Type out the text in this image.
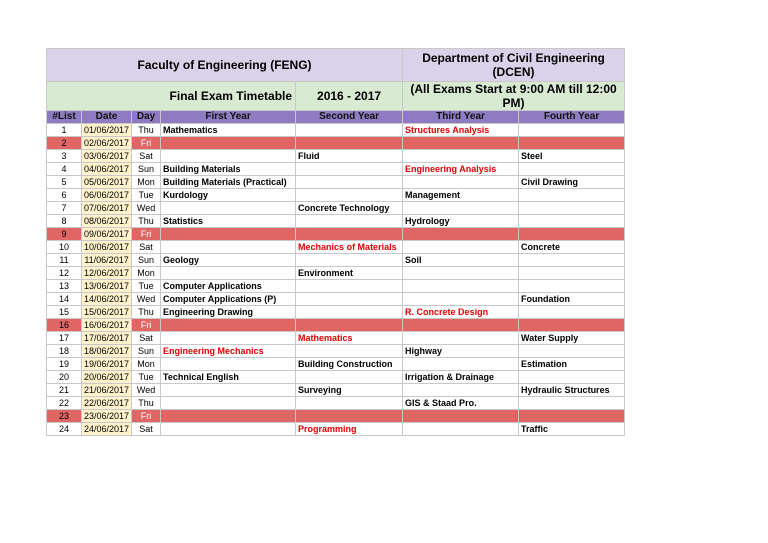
Faculty of Engineering (FENG)					Department of Civil Engineering (DCEN)	
Final Exam Timetable				2016 - 2017	(All Exams Start at 9:00 AM till 12:00 PM)	
#List	Date	Day	First Year	Second Year	Third Year	Fourth Year
1	01/06/2017	Thu	Mathematics		Structures Analysis	
2	02/06/2017	Fri				
3	03/06/2017	Sat		Fluid		Steel
4	04/06/2017	Sun	Building Materials		Engineering Analysis	
5	05/06/2017	Mon	Building Materials (Practical)			Civil Drawing
6	06/06/2017	Tue	Kurdology		Management	
7	07/06/2017	Wed		Concrete Technology		
8	08/06/2017	Thu	Statistics		Hydrology	
9	09/06/2017	Fri				
10	10/06/2017	Sat		Mechanics of Materials		Concrete
11	11/06/2017	Sun	Geology		Soil	
12	12/06/2017	Mon		Environment		
13	13/06/2017	Tue	Computer Applications			
14	14/06/2017	Wed	Computer Applications (P)			Foundation
15	15/06/2017	Thu	Engineering Drawing		R. Concrete Design	
16	16/06/2017	Fri				
17	17/06/2017	Sat		Mathematics		Water Supply
18	18/06/2017	Sun	Engineering Mechanics		Highway	
19	19/06/2017	Mon		Building Construction		Estimation
20	20/06/2017	Tue	Technical English		Irrigation & Drainage	
21	21/06/2017	Wed		Surveying		Hydraulic Structures
22	22/06/2017	Thu			GIS & Staad Pro.	
23	23/06/2017	Fri				
24	24/06/2017	Sat		Programming		Traffic
